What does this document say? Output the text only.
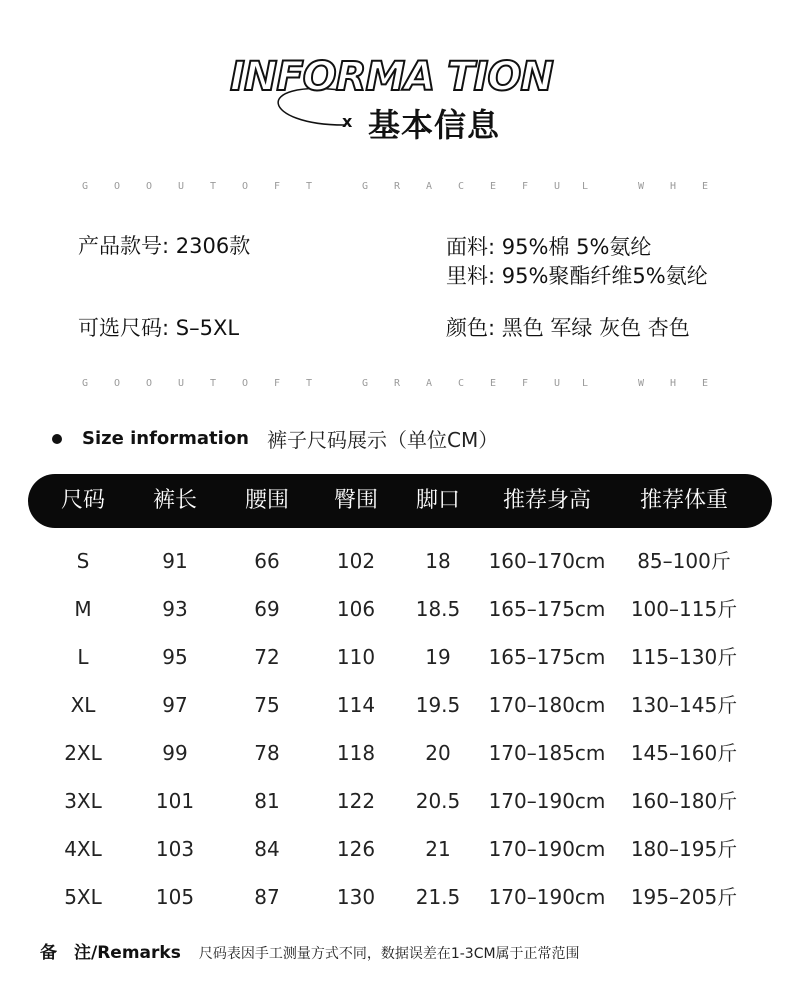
INFORMA TION
x 基本信息
G	O	O	U	T	O	F	T	G	R	A	C	E	F	U L	W	H	E
产品款号: 2306款	面料: 95%棉 5%氨纶
里料: 95%聚酯纤维5%氨纶
可选尺码: S–5XL	颜色: 黑色 军绿 灰色 杏色
G	O	O	U	T	O	F	T	G	R	A	C	E	F	U L	W	H	E
Size information 裤子尺码展示（单位CM）
尺码 裤长 腰围 臀围 脚口 推荐身高 推荐体重
S	91	66	102	18 160–170cm 85–100斤
M	93	69	106 18.5 165–175cm 100–115斤
L	95	72	110	19 165–175cm 115–130斤
XL	97	75	114 19.5 170–180cm 130–145斤
2XL	99	78	118	20 170–185cm 145–160斤
3XL	101	81	122 20.5 170–190cm 160–180斤
4XL	103	84	126	21 170–190cm 180–195斤
5XL	105	87	130 21.5 170–190cm 195–205斤
备　注/Remarks 尺码表因手工测量方式不同，数据误差在1-3CM属于正常范围
